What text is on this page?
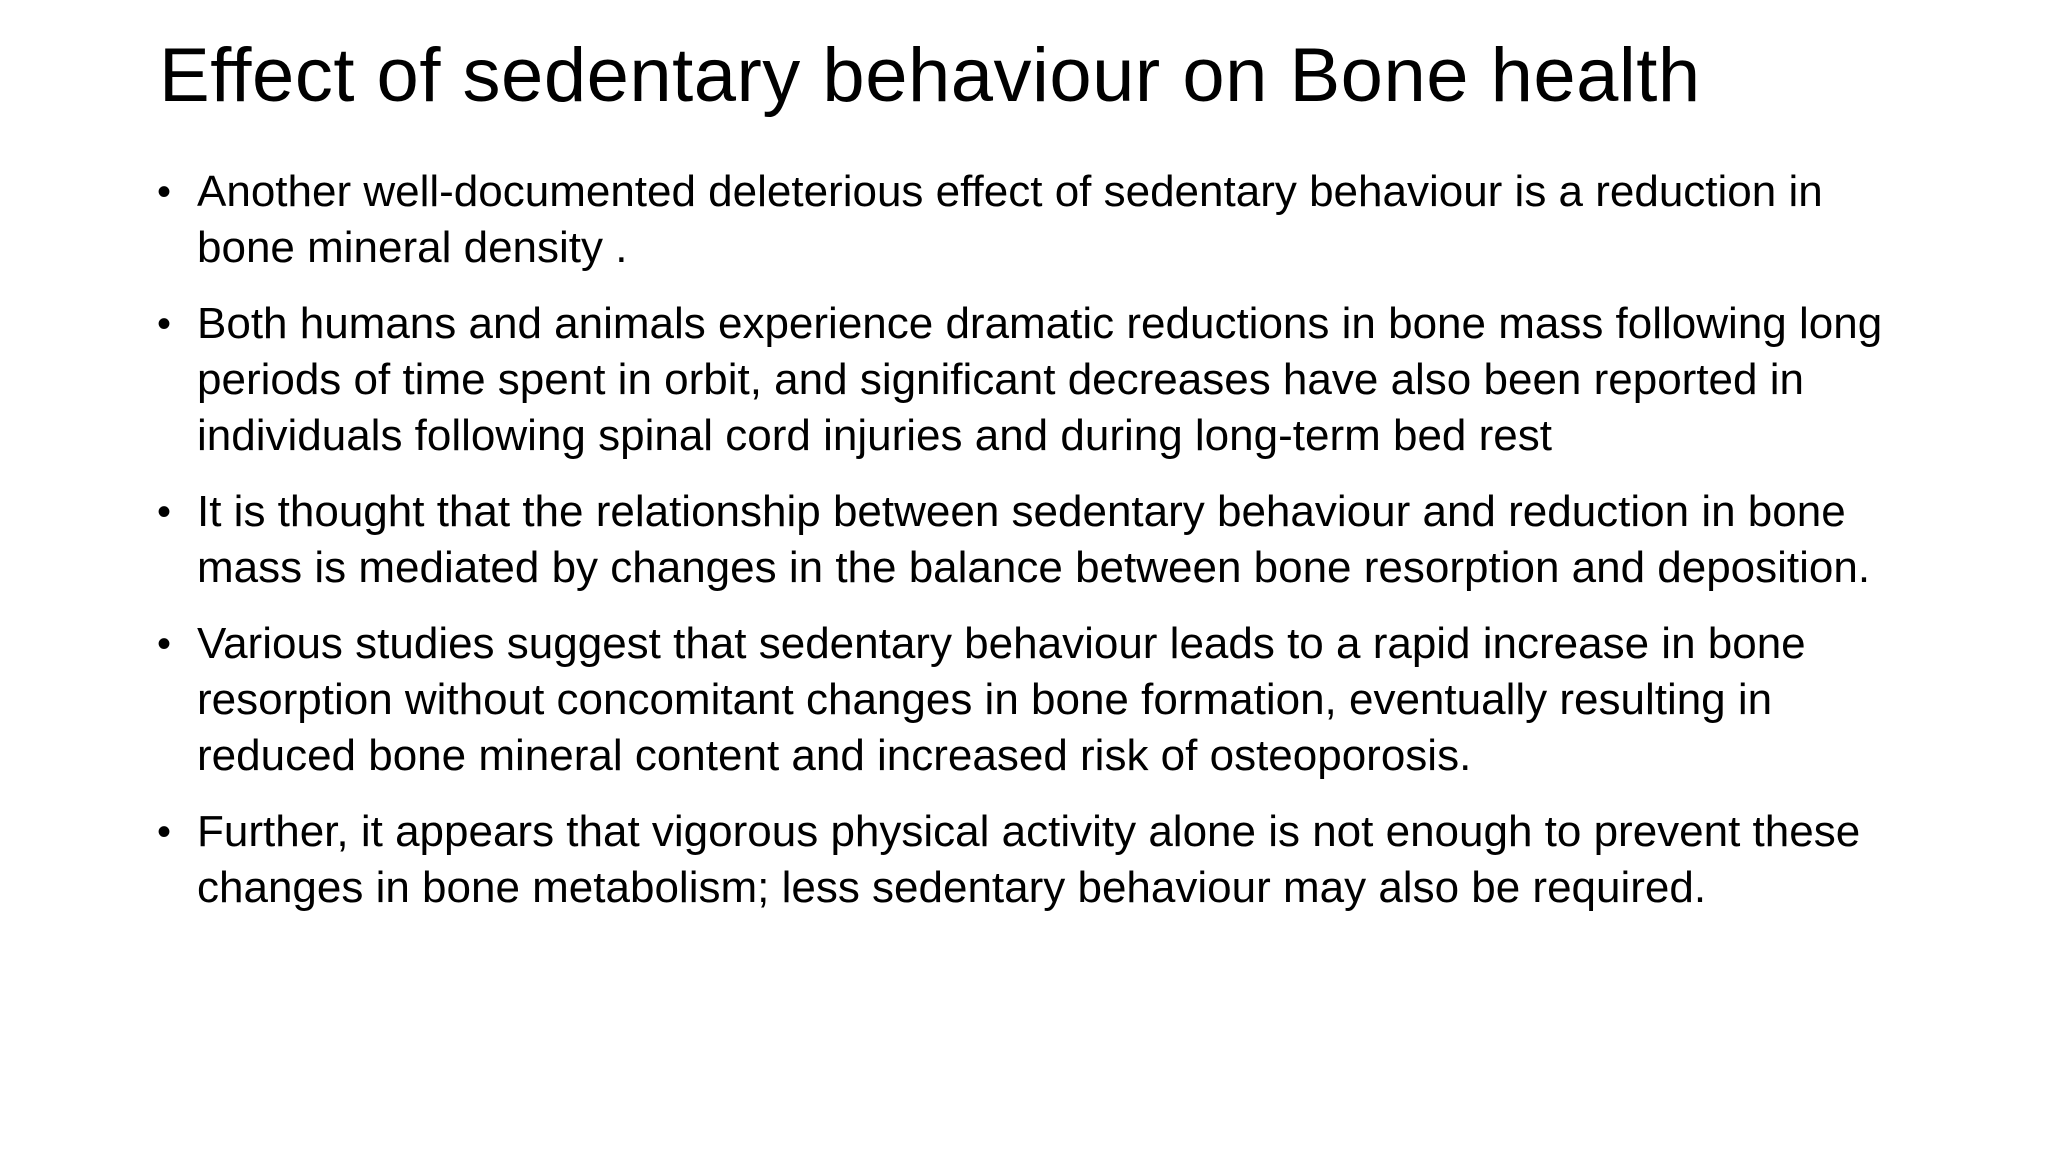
Effect of sedentary behaviour on Bone health
• Another well-documented deleterious effect of sedentary behaviour is a reduction in bone mineral density .
• Both humans and animals experience dramatic reductions in bone mass following long periods of time spent in orbit, and significant decreases have also been reported in individuals following spinal cord injuries and during long-term bed rest
• It is thought that the relationship between sedentary behaviour and reduction in bone mass is mediated by changes in the balance between bone resorption and deposition.
• Various studies suggest that sedentary behaviour leads to a rapid increase in bone resorption without concomitant changes in bone formation, eventually resulting in reduced bone mineral content and increased risk of osteoporosis.
• Further, it appears that vigorous physical activity alone is not enough to prevent these changes in bone metabolism; less sedentary behaviour may also be required.
